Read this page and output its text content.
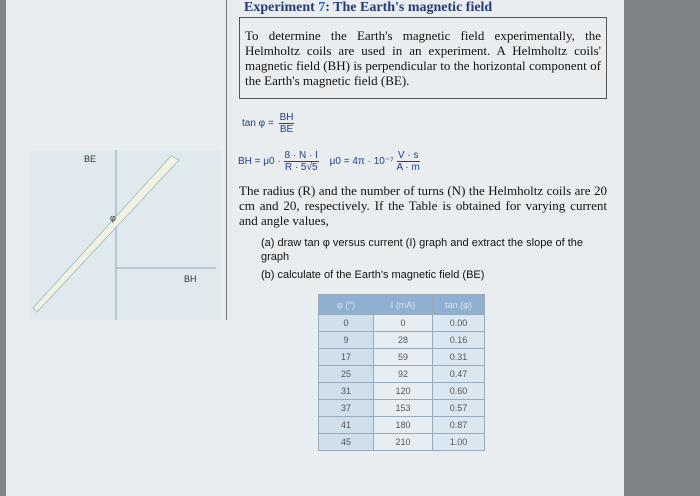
BE
φ
BH
Experiment 7: The Earth's magnetic field
To determine the Earth's magnetic field experimentally, the Helmholtz coils are used in an experiment. A Helmholtz coils' magnetic field (BH) is perpendicular to the horizontal component of the Earth's magnetic field (BE).
$\tan \varphi = \frac{BH}{BE}$
BH = $\mu 0 \cdot \frac{8 \cdot N \cdot I}{R \cdot 5√5} \mu 0 = 4\pi \cdot 10^{-7} \frac{V \cdot s}{A \cdot m}$
The radius (R) and the number of turns (N) the Helmholtz coils are 20 cm and 20, respectively. If the Table is obtained for varying current and angle values,
(a) draw tan φ versus current (I) graph and extract the slope of the graph
(b) calculate of the Earth's magnetic field (BE)
φ (°)	I (mA)	tan (φ)
0	0	0.00
9	28	0.16
17	59	0.31
25	92	0.47
31	120	0.60
37	153	0.57
41	180	0.87
45	210	1.00
